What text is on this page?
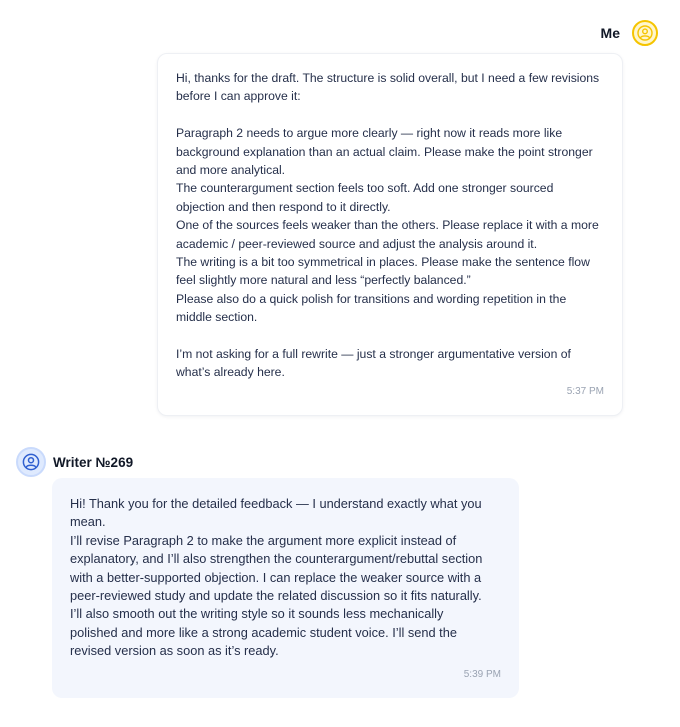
Me
Hi, thanks for the draft. The structure is solid overall, but I need a few revisions
before I can approve it:
Paragraph 2 needs to argue more clearly — right now it reads more like
background explanation than an actual claim. Please make the point stronger
and more analytical.
The counterargument section feels too soft. Add one stronger sourced
objection and then respond to it directly.
One of the sources feels weaker than the others. Please replace it with a more
academic / peer-reviewed source and adjust the analysis around it.
The writing is a bit too symmetrical in places. Please make the sentence flow
feel slightly more natural and less “perfectly balanced.”
Please also do a quick polish for transitions and wording repetition in the
middle section.
I’m not asking for a full rewrite — just a stronger argumentative version of
what’s already here.
5:37 PM
Writer №269
Hi! Thank you for the detailed feedback — I understand exactly what you
mean.
I’ll revise Paragraph 2 to make the argument more explicit instead of
explanatory, and I’ll also strengthen the counterargument/rebuttal section
with a better-supported objection. I can replace the weaker source with a
peer-reviewed study and update the related discussion so it fits naturally.
I’ll also smooth out the writing style so it sounds less mechanically
polished and more like a strong academic student voice. I’ll send the
revised version as soon as it’s ready.
5:39 PM
